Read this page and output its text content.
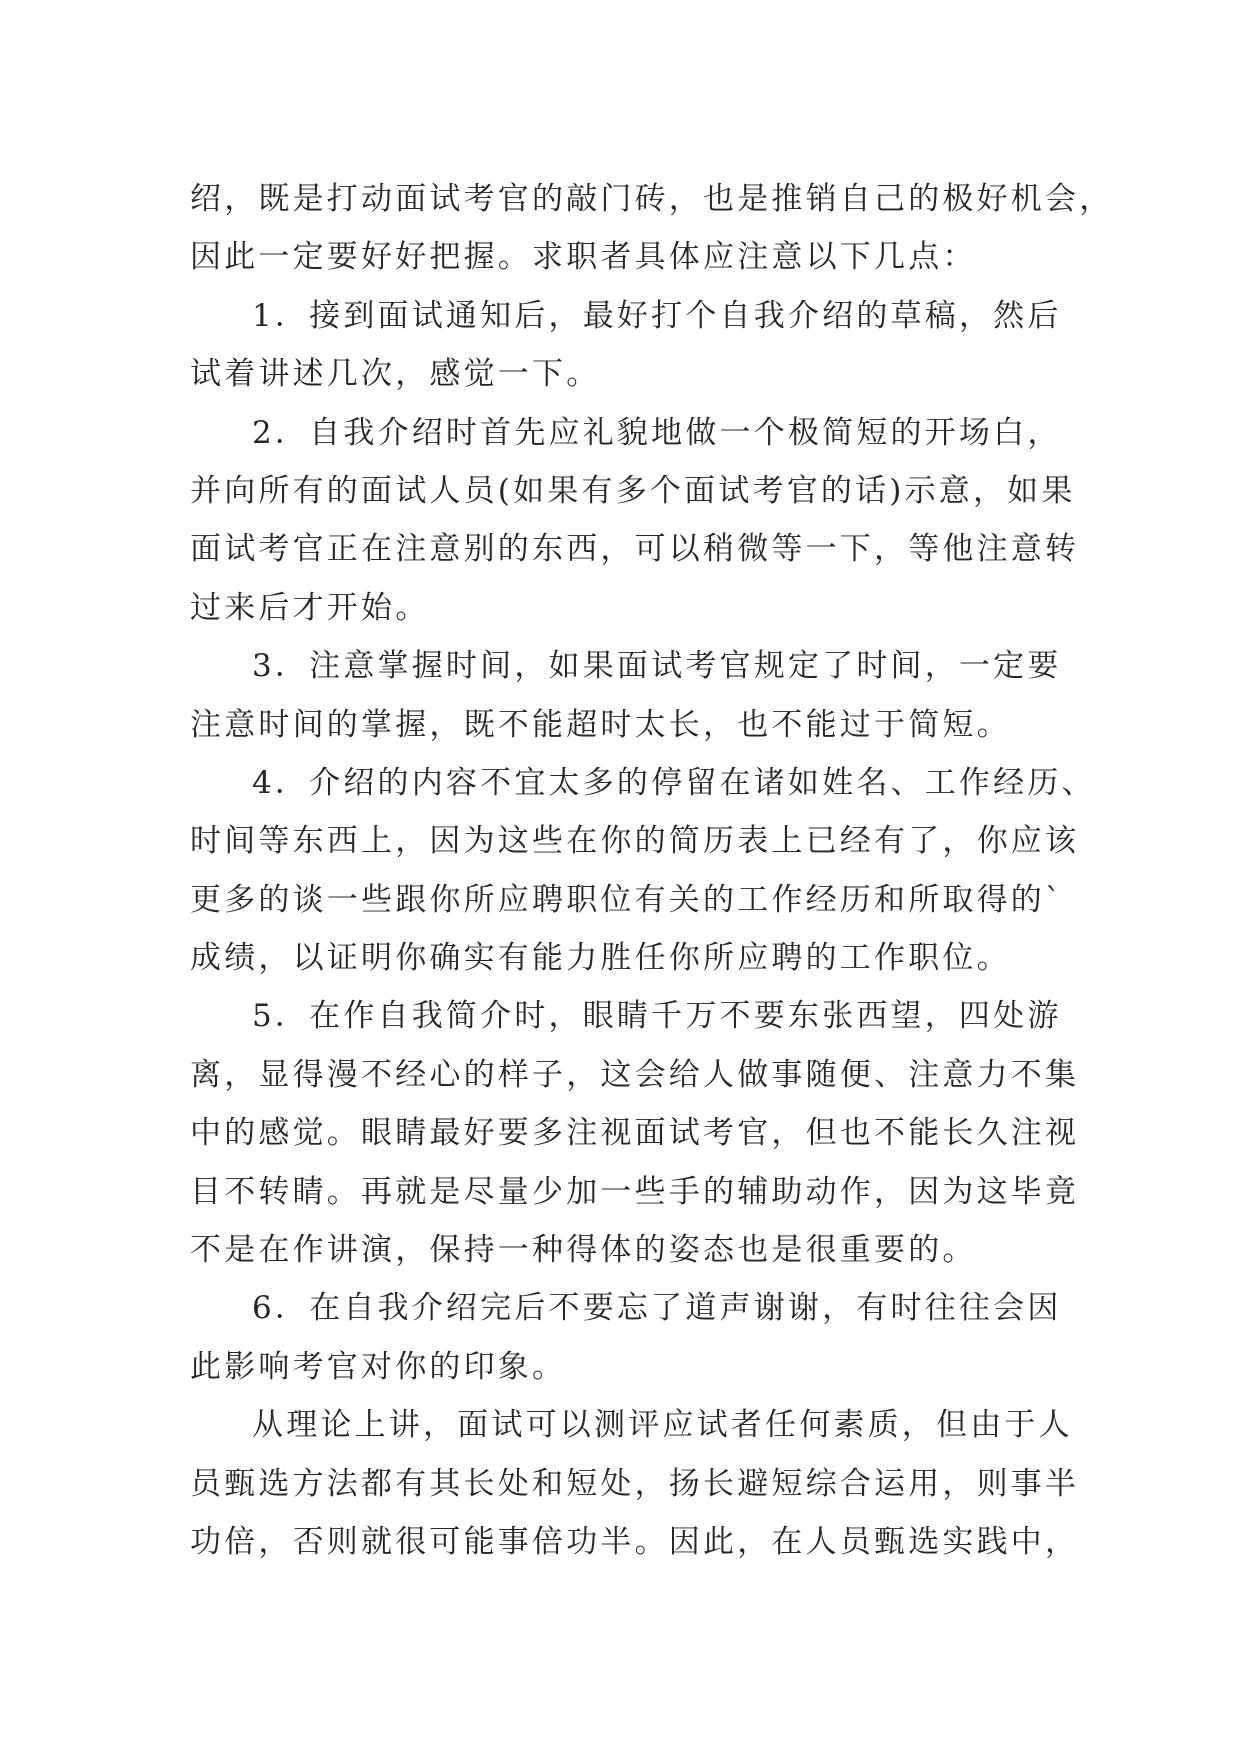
绍，既是打动面试考官的敲门砖，也是推销自己的极好机会，
因此一定要好好把握。求职者具体应注意以下几点：
1．接到面试通知后，最好打个自我介绍的草稿，然后
试着讲述几次，感觉一下。
2．自我介绍时首先应礼貌地做一个极简短的开场白，
并向所有的面试人员(如果有多个面试考官的话)示意，如果
面试考官正在注意别的东西，可以稍微等一下，等他注意转
过来后才开始。
3．注意掌握时间，如果面试考官规定了时间，一定要
注意时间的掌握，既不能超时太长，也不能过于简短。
4．介绍的内容不宜太多的停留在诸如姓名、工作经历、
时间等东西上，因为这些在你的简历表上已经有了，你应该
更多的谈一些跟你所应聘职位有关的工作经历和所取得的`
成绩，以证明你确实有能力胜任你所应聘的工作职位。
5．在作自我简介时，眼睛千万不要东张西望，四处游
离，显得漫不经心的样子，这会给人做事随便、注意力不集
中的感觉。眼睛最好要多注视面试考官，但也不能长久注视
目不转睛。再就是尽量少加一些手的辅助动作，因为这毕竟
不是在作讲演，保持一种得体的姿态也是很重要的。
6．在自我介绍完后不要忘了道声谢谢，有时往往会因
此影响考官对你的印象。
从理论上讲，面试可以测评应试者任何素质，但由于人
员甄选方法都有其长处和短处，扬长避短综合运用，则事半
功倍，否则就很可能事倍功半。因此，在人员甄选实践中，
